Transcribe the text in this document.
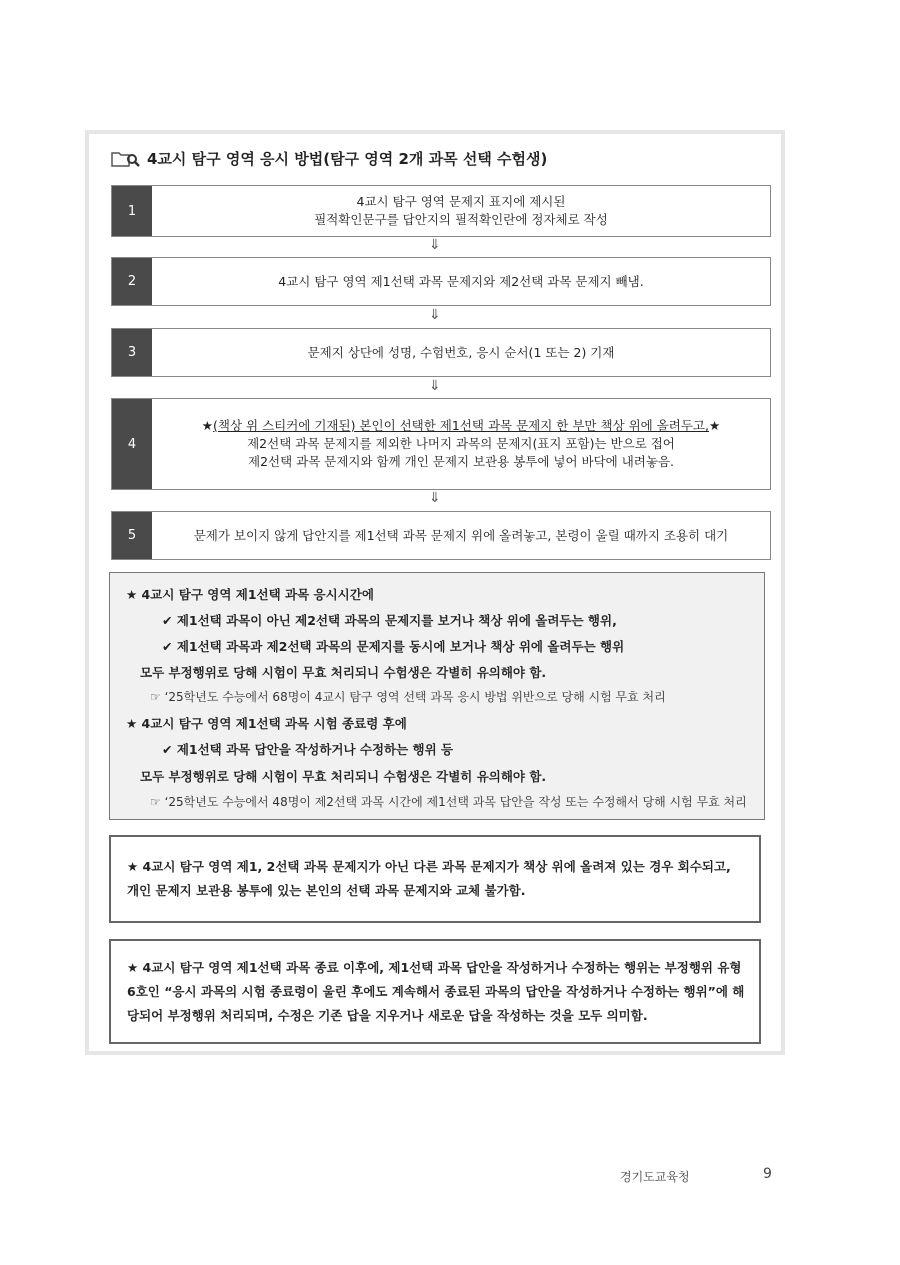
4교시 탐구 영역 응시 방법(탐구 영역 2개 과목 선택 수험생)
1
4교시 탐구 영역 문제지 표지에 제시된
필적확인문구를 답안지의 필적확인란에 정자체로 작성
⇓
2	4교시 탐구 영역 제1선택 과목 문제지와 제2선택 과목 문제지 빼냄.
⇓
3	문제지 상단에 성명, 수험번호, 응시 순서(1 또는 2) 기재
⇓
4
★(책상 위 스티커에 기재된) 본인이 선택한 제1선택 과목 문제지 한 부만 책상 위에 올려두고,★
제2선택 과목 문제지를 제외한 나머지 과목의 문제지(표지 포함)는 반으로 접어
제2선택 과목 문제지와 함께 개인 문제지 보관용 봉투에 넣어 바닥에 내려놓음.
⇓
5	문제가 보이지 않게 답안지를 제1선택 과목 문제지 위에 올려놓고, 본령이 울릴 때까지 조용히 대기
★ 4교시 탐구 영역 제1선택 과목 응시시간에
✔ 제1선택 과목이 아닌 제2선택 과목의 문제지를 보거나 책상 위에 올려두는 행위,
✔ 제1선택 과목과 제2선택 과목의 문제지를 동시에 보거나 책상 위에 올려두는 행위
모두 부정행위로 당해 시험이 무효 처리되니 수험생은 각별히 유의해야 함.
☞ ‘25학년도 수능에서 68명이 4교시 탐구 영역 선택 과목 응시 방법 위반으로 당해 시험 무효 처리
★ 4교시 탐구 영역 제1선택 과목 시험 종료령 후에
✔ 제1선택 과목 답안을 작성하거나 수정하는 행위 등
모두 부정행위로 당해 시험이 무효 처리되니 수험생은 각별히 유의해야 함.
☞ ‘25학년도 수능에서 48명이 제2선택 과목 시간에 제1선택 과목 답안을 작성 또는 수정해서 당해 시험 무효 처리
★ 4교시 탐구 영역 제1, 2선택 과목 문제지가 아닌 다른 과목 문제지가 책상 위에 올려져 있는 경우 회수되고, 개인 문제지 보관용 봉투에 있는 본인의 선택 과목 문제지와 교체 불가함.
★ 4교시 탐구 영역 제1선택 과목 종료 이후에, 제1선택 과목 답안을 작성하거나 수정하는 행위는 부정행위 유형 6호인 “응시 과목의 시험 종료령이 울린 후에도 계속해서 종료된 과목의 답안을 작성하거나 수정하는 행위”에 해당되어 부정행위 처리되며, 수정은 기존 답을 지우거나 새로운 답을 작성하는 것을 모두 의미함.
경기도교육청	9
